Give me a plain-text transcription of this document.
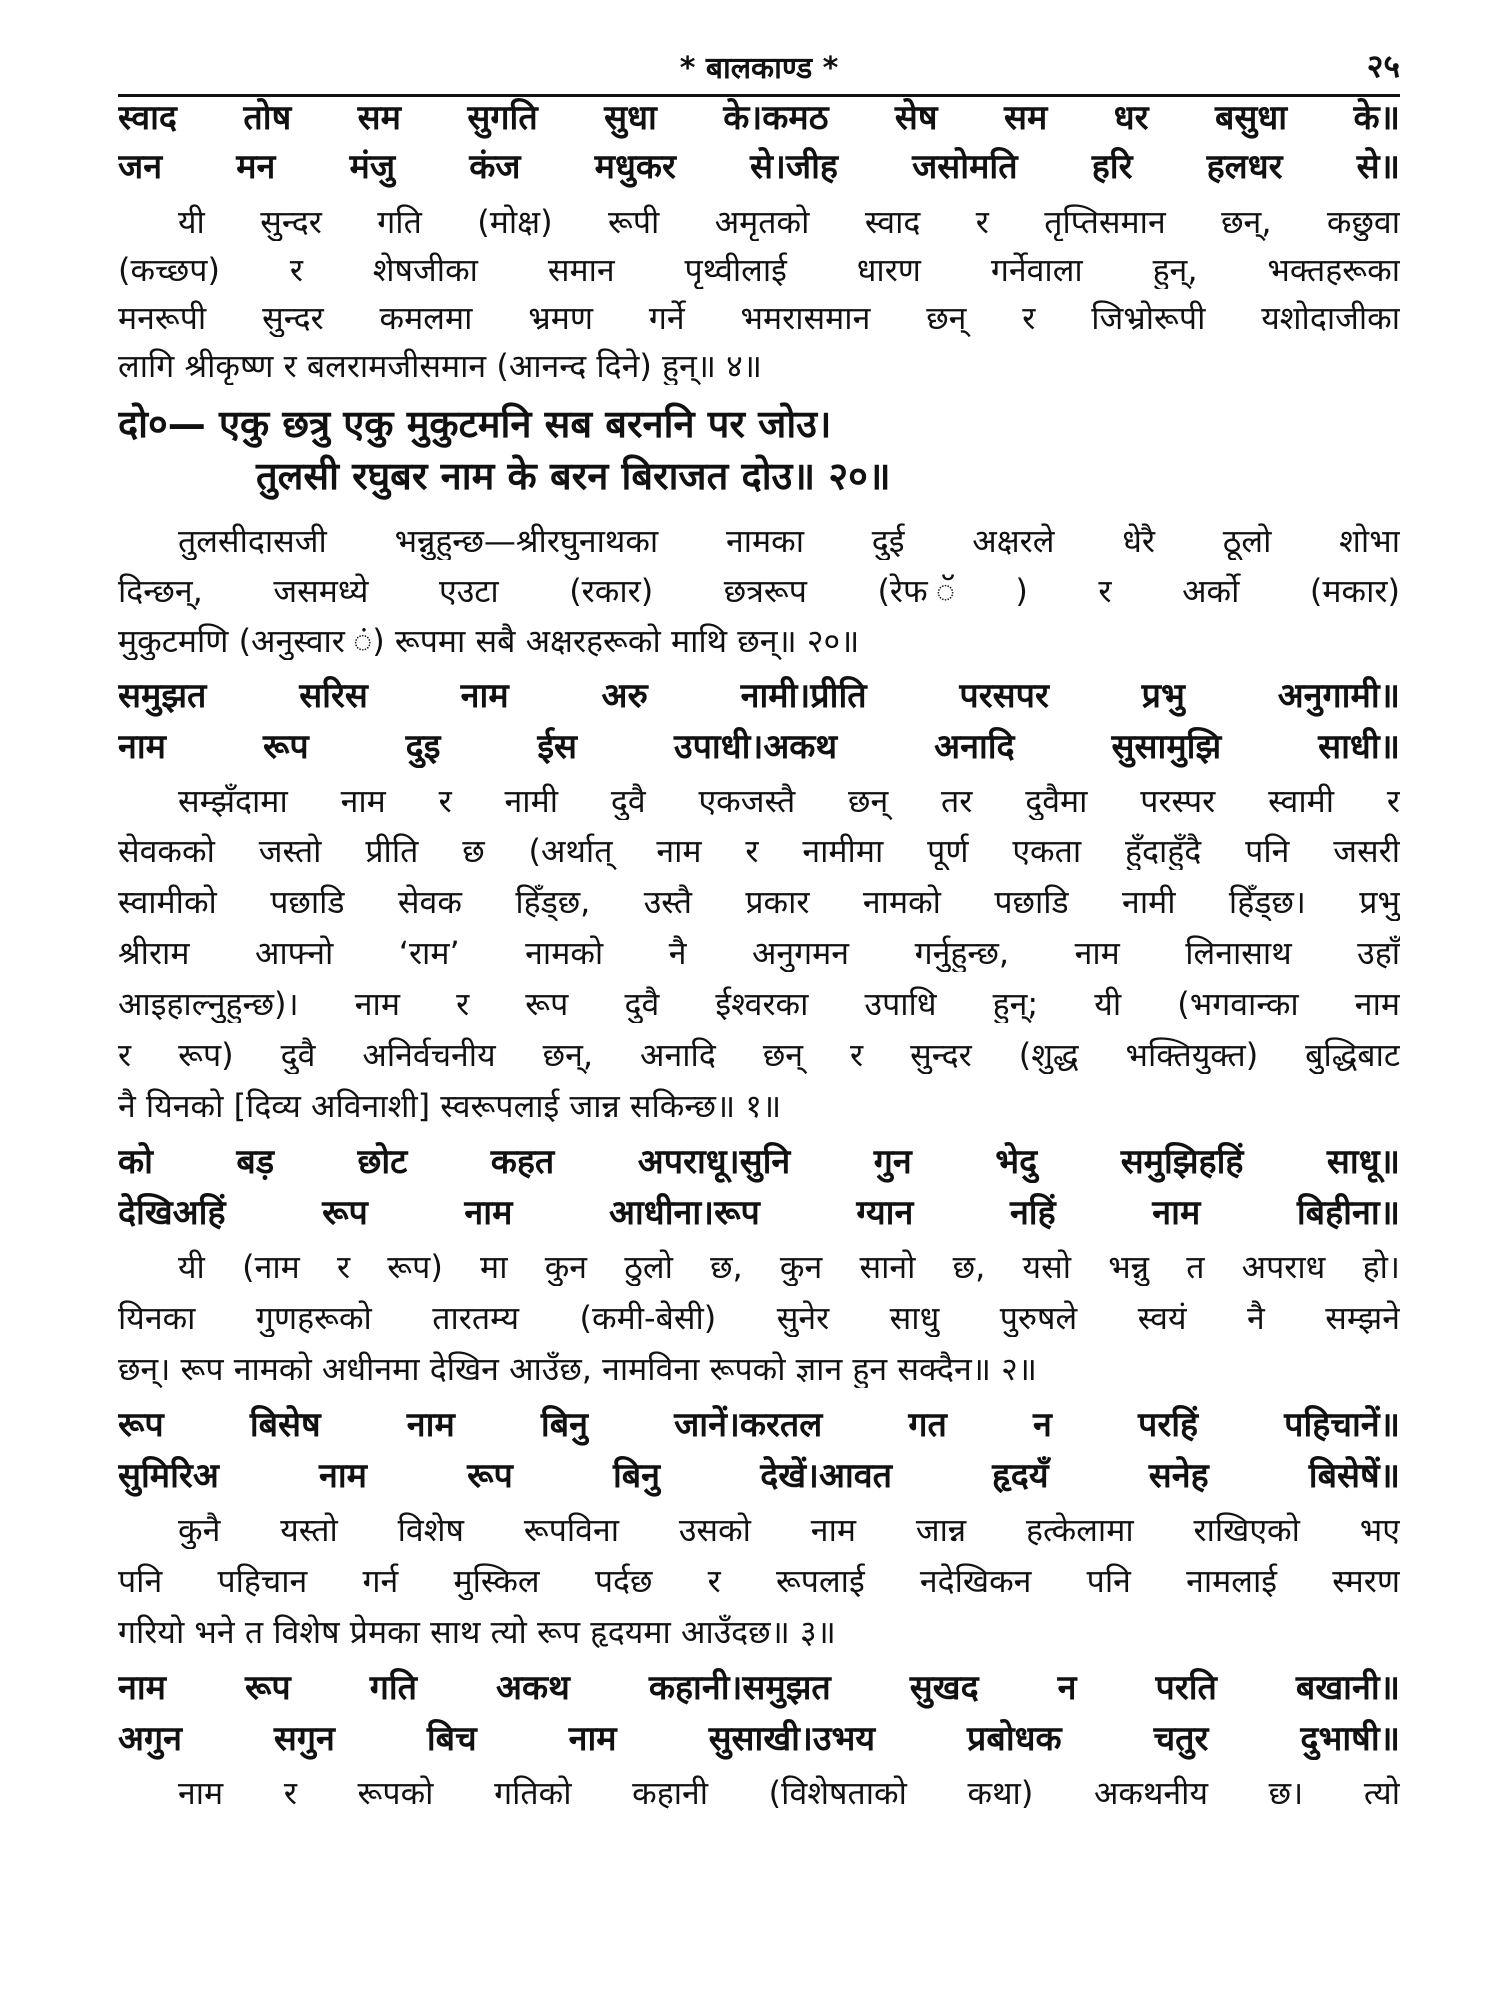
* बालकाण्ड *	२५
स्वाद तोष सम सुगति सुधा के।कमठ सेष सम धर बसुधा के॥
जन मन मंजु कंज मधुकर से।जीह जसोमति हरि हलधर से॥
यी सुन्दर गति (मोक्ष) रूपी अमृतको स्वाद र तृप्तिसमान छन्, कछुवा
(कच्छप) र शेषजीका समान पृथ्वीलाई धारण गर्नेवाला हुन्, भक्तहरूका
मनरूपी सुन्दर कमलमा भ्रमण गर्ने भमरासमान छन् र जिभ्रोरूपी यशोदाजीका
लागि श्रीकृष्ण र बलरामजीसमान (आनन्द दिने) हुन्॥ ४॥
दो०— एकु छत्रु एकु मुकुटमनि सब बरननि पर जोउ।
तुलसी रघुबर नाम के बरन बिराजत दोउ॥ २०॥
तुलसीदासजी भन्नुहुन्छ—श्रीरघुनाथका नामका दुई अक्षरले धेरै ठूलो शोभा
दिन्छन्, जसमध्ये एउटा (रकार) छत्ररूप (रेफ ॅ) र अर्को (मकार)
मुकुटमणि (अनुस्वार ं) रूपमा सबै अक्षरहरूको माथि छन्॥ २०॥
समुझत सरिस नाम अरु नामी।प्रीति परसपर प्रभु अनुगामी॥
नाम रूप दुइ ईस उपाधी।अकथ अनादि सुसामुझि साधी॥
सम्झँदामा नाम र नामी दुवै एकजस्तै छन् तर दुवैमा परस्पर स्वामी र
सेवकको जस्तो प्रीति छ (अर्थात् नाम र नामीमा पूर्ण एकता हुँदाहुँदै पनि जसरी
स्वामीको पछाडि सेवक हिँड्छ, उस्तै प्रकार नामको पछाडि नामी हिँड्छ। प्रभु
श्रीराम आफ्नो ‘राम’ नामको नै अनुगमन गर्नुहुन्छ, नाम लिनासाथ उहाँ
आइहाल्नुहुन्छ)। नाम र रूप दुवै ईश्वरका उपाधि हुन्; यी (भगवान्का नाम
र रूप) दुवै अनिर्वचनीय छन्, अनादि छन् र सुन्दर (शुद्ध भक्तियुक्त) बुद्धिबाट
नै यिनको [दिव्य अविनाशी] स्वरूपलाई जान्न सकिन्छ॥ १॥
को बड़ छोट कहत अपराधू।सुनि गुन भेदु समुझिहहिं साधू॥
देखिअहिं रूप नाम आधीना।रूप ग्यान नहिं नाम बिहीना॥
यी (नाम र रूप) मा कुन ठुलो छ, कुन सानो छ, यसो भन्नु त अपराध हो।
यिनका गुणहरूको तारतम्य (कमी-बेसी) सुनेर साधु पुरुषले स्वयं नै सम्झने
छन्। रूप नामको अधीनमा देखिन आउँछ, नामविना रूपको ज्ञान हुन सक्दैन॥ २॥
रूप बिसेष नाम बिनु जानें।करतल गत न परहिं पहिचानें॥
सुमिरिअ नाम रूप बिनु देखें।आवत हृदयँ सनेह बिसेषें॥
कुनै यस्तो विशेष रूपविना उसको नाम जान्न हत्केलामा राखिएको भए
पनि पहिचान गर्न मुस्किल पर्दछ र रूपलाई नदेखिकन पनि नामलाई स्मरण
गरियो भने त विशेष प्रेमका साथ त्यो रूप हृदयमा आउँदछ॥ ३॥
नाम रूप गति अकथ कहानी।समुझत सुखद न परति बखानी॥
अगुन सगुन बिच नाम सुसाखी।उभय प्रबोधक चतुर दुभाषी॥
नाम र रूपको गतिको कहानी (विशेषताको कथा) अकथनीय छ। त्यो
